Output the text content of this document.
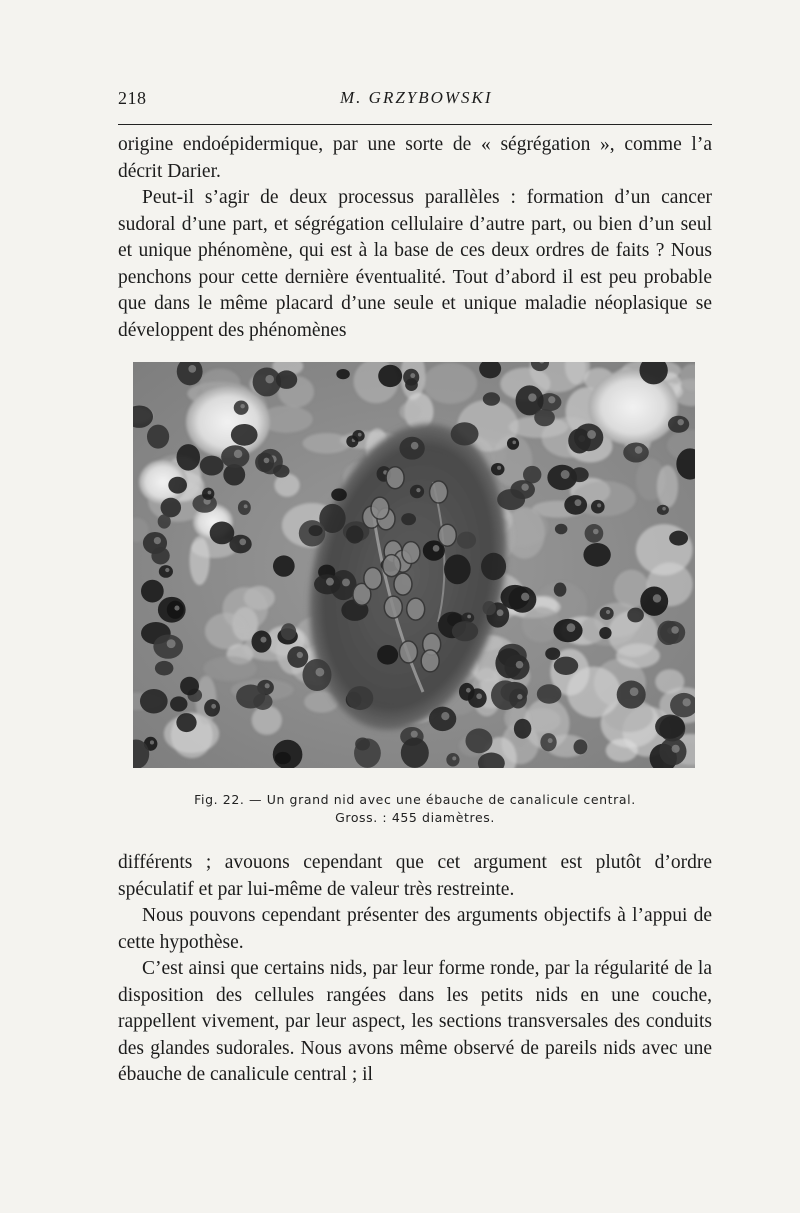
218	M. GRZYBOWSKI

origine endoépidermique, par une sorte de « ségrégation », comme l’a décrit Darier.

Peut-il s’agir de deux processus parallèles : formation d’un cancer sudoral d’une part, et ségrégation cellulaire d’autre part, ou bien d’un seul et unique phénomène, qui est à la base de ces deux ordres de faits ? Nous penchons pour cette dernière éventualité. Tout d’abord il est peu probable que dans le même placard d’une seule et unique maladie néoplasique se développent des phénomènes

Fig. 22. — Un grand nid avec une ébauche de canalicule central.
Gross. : 455 diamètres.

différents ; avouons cependant que cet argument est plutôt d’ordre spéculatif et par lui-même de valeur très restreinte.

Nous pouvons cependant présenter des arguments objectifs à l’appui de cette hypothèse.

C’est ainsi que certains nids, par leur forme ronde, par la régularité de la disposition des cellules rangées dans les petits nids en une couche, rappellent vivement, par leur aspect, les sections transversales des conduits des glandes sudorales. Nous avons même observé de pareils nids avec une ébauche de canalicule central ; il
